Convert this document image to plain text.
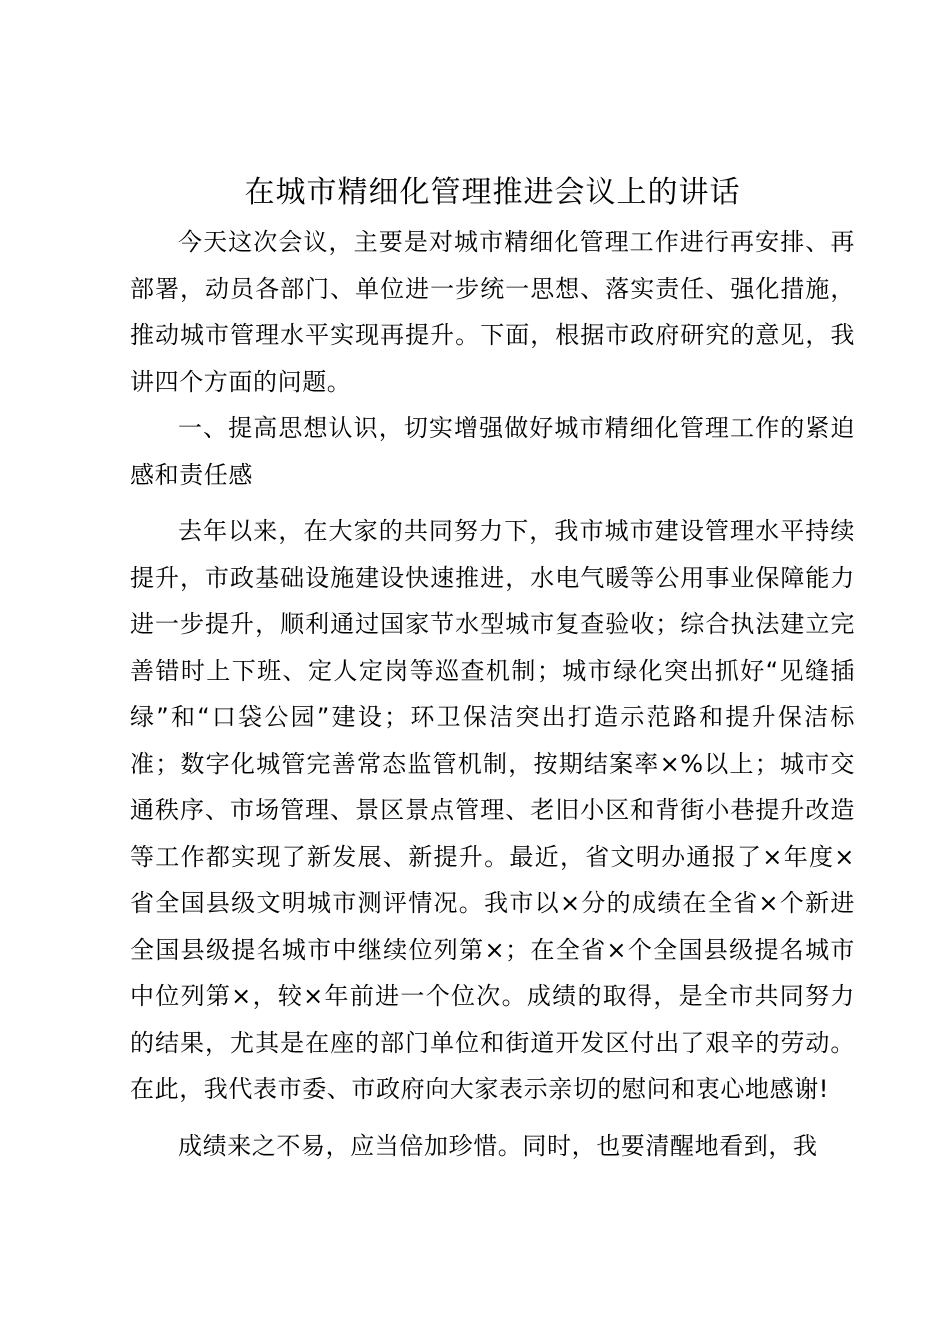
在城市精细化管理推进会议上的讲话

今天这次会议，主要是对城市精细化管理工作进行再安排、再部署，动员各部门、单位进一步统一思想、落实责任、强化措施，推动城市管理水平实现再提升。下面，根据市政府研究的意见，我讲四个方面的问题。

一、提高思想认识，切实增强做好城市精细化管理工作的紧迫感和责任感

去年以来，在大家的共同努力下，我市城市建设管理水平持续提升，市政基础设施建设快速推进，水电气暖等公用事业保障能力进一步提升，顺利通过国家节水型城市复查验收；综合执法建立完善错时上下班、定人定岗等巡查机制；城市绿化突出抓好“见缝插绿”和“口袋公园”建设；环卫保洁突出打造示范路和提升保洁标准；数字化城管完善常态监管机制，按期结案率×%以上；城市交通秩序、市场管理、景区景点管理、老旧小区和背街小巷提升改造等工作都实现了新发展、新提升。最近，省文明办通报了×年度×省全国县级文明城市测评情况。我市以×分的成绩在全省×个新进全国县级提名城市中继续位列第×；在全省×个全国县级提名城市中位列第×，较×年前进一个位次。成绩的取得，是全市共同努力的结果，尤其是在座的部门单位和街道开发区付出了艰辛的劳动。在此，我代表市委、市政府向大家表示亲切的慰问和衷心地感谢!

成绩来之不易，应当倍加珍惜。同时，也要清醒地看到，我
